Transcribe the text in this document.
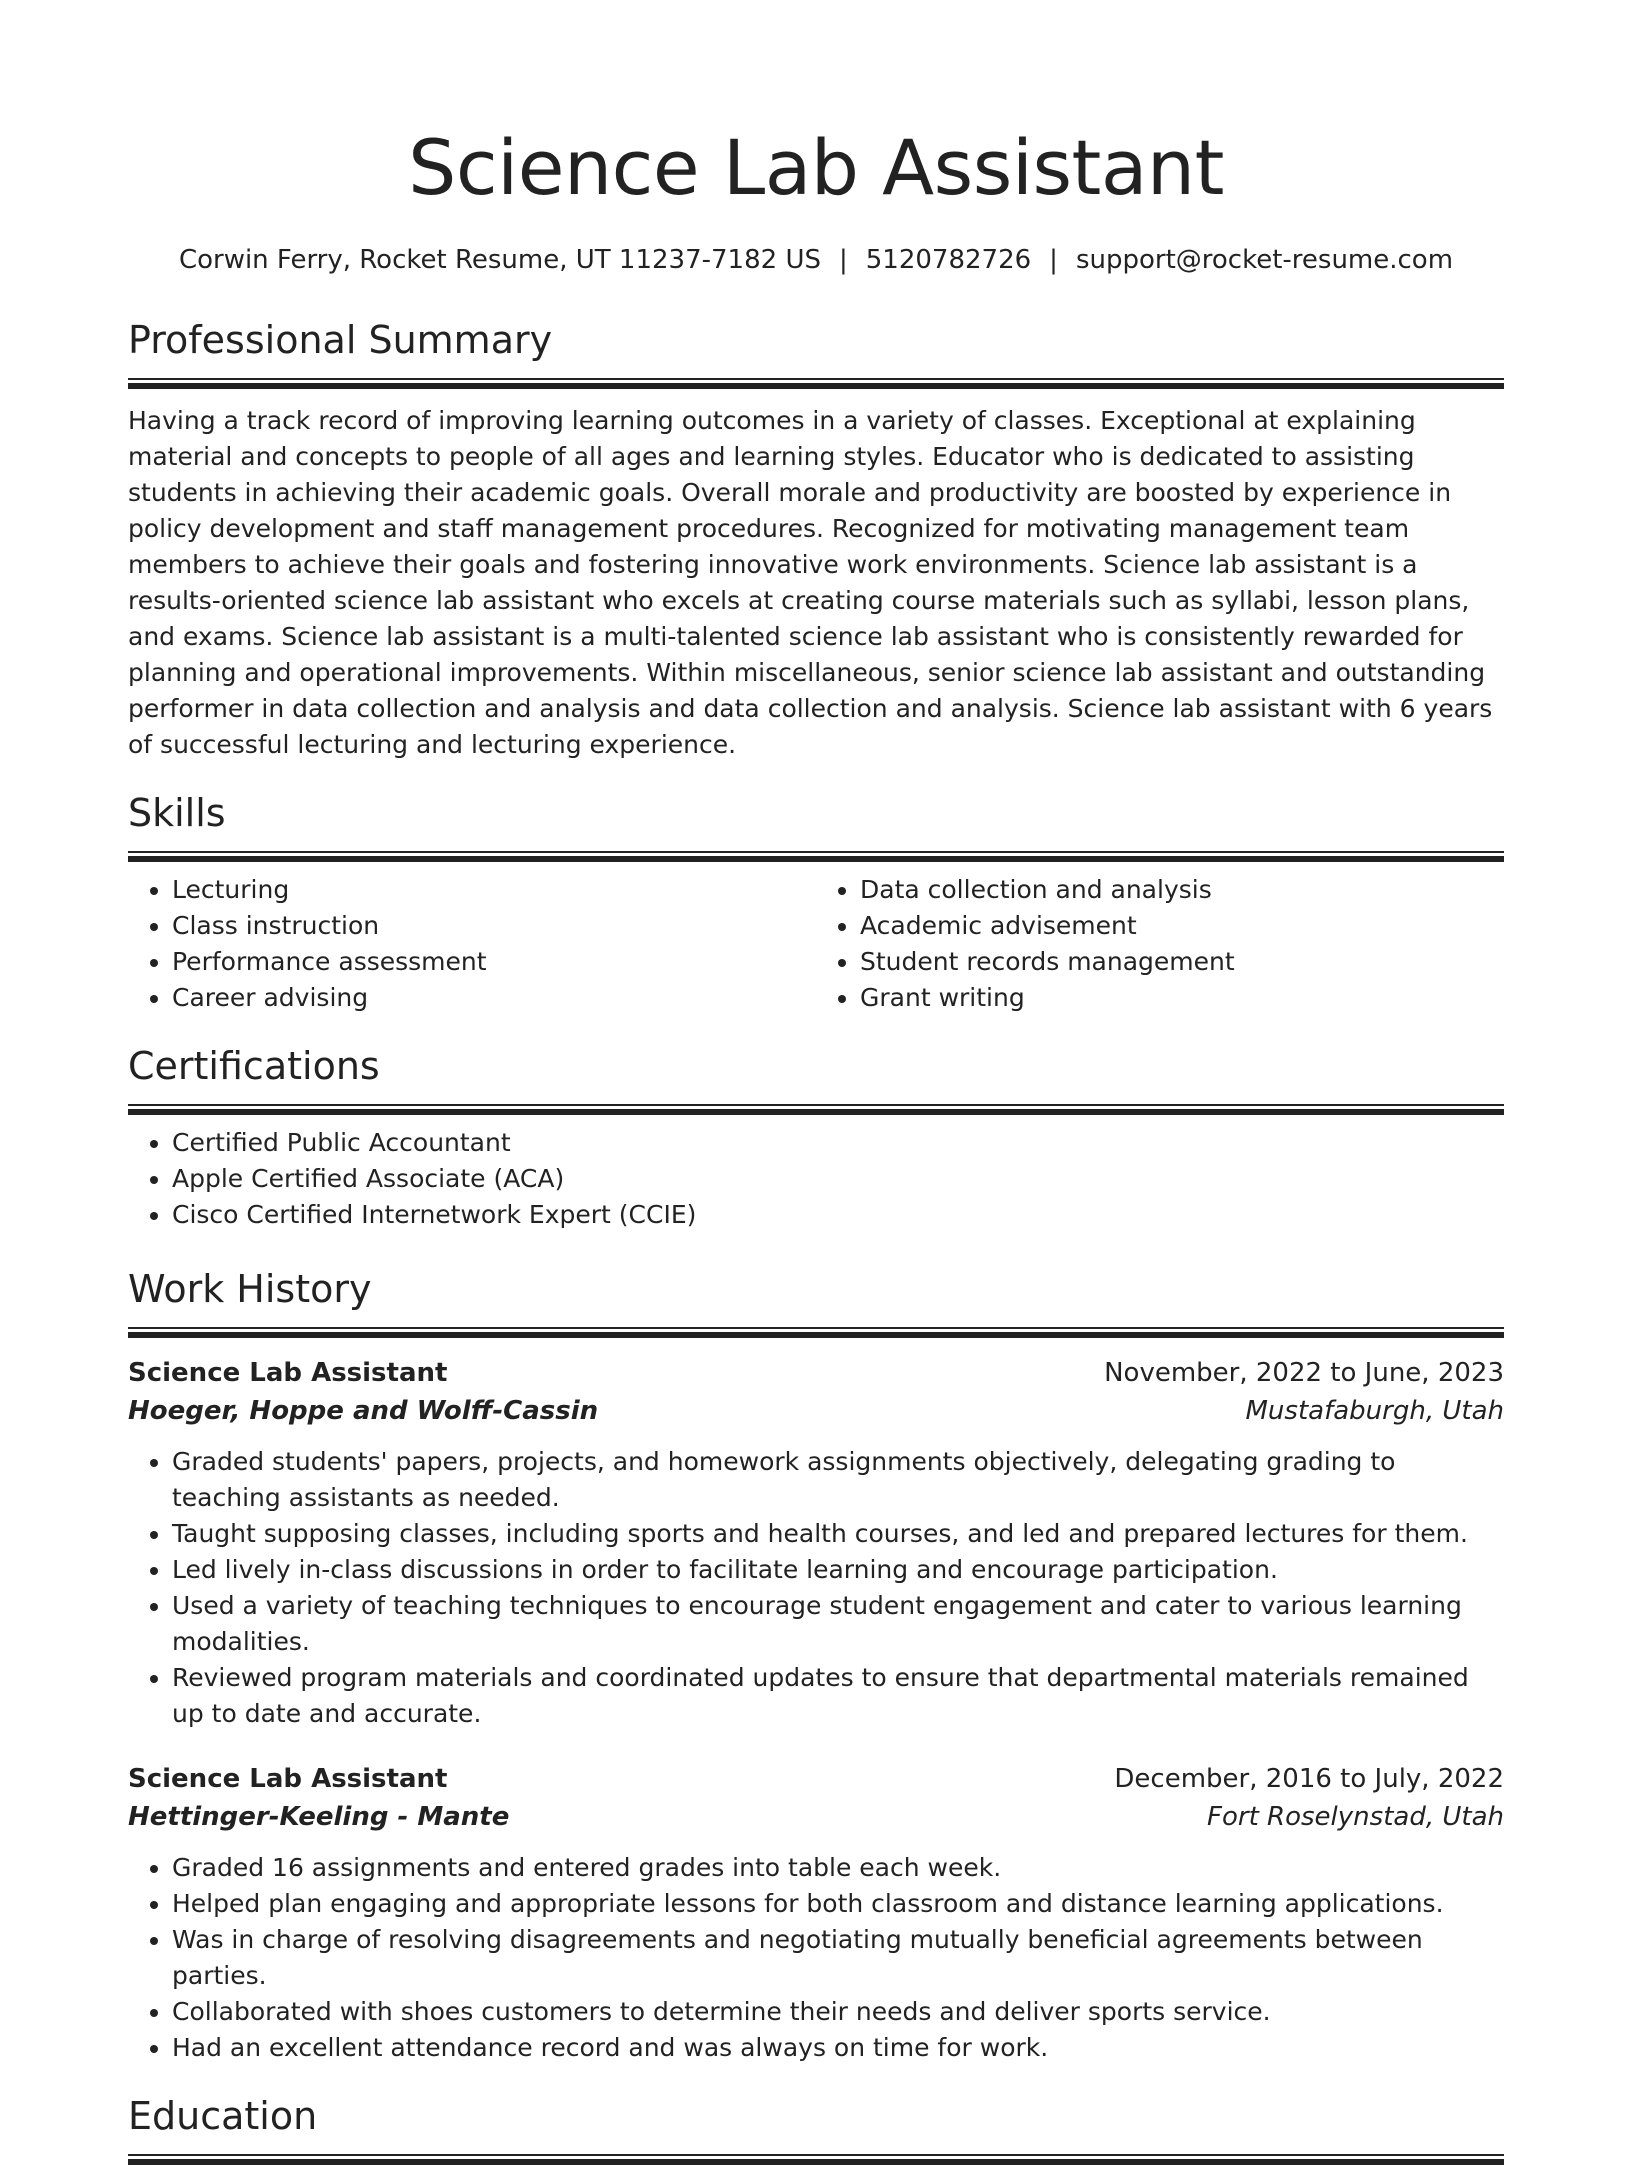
Science Lab Assistant
Corwin Ferry, Rocket Resume, UT 11237-7182 US | 5120782726 | support@rocket-resume.com
Professional Summary

Having a track record of improving learning outcomes in a variety of classes. Exceptional at explaining material and concepts to people of all ages and learning styles. Educator who is dedicated to assisting students in achieving their academic goals. Overall morale and productivity are boosted by experience in policy development and staff management procedures. Recognized for motivating management team members to achieve their goals and fostering innovative work environments. Science lab assistant is a results-oriented science lab assistant who excels at creating course materials such as syllabi, lesson plans, and exams. Science lab assistant is a multi-talented science lab assistant who is consistently rewarded for planning and operational improvements. Within miscellaneous, senior science lab assistant and outstanding performer in data collection and analysis and data collection and analysis. Science lab assistant with 6 years of successful lecturing and lecturing experience.

Skills
• Lecturing
• Class instruction
• Performance assessment
• Career advising
• Data collection and analysis
• Academic advisement
• Student records management
• Grant writing
Certifications
• Certified Public Accountant
• Apple Certified Associate (ACA)
• Cisco Certified Internetwork Expert (CCIE)
Work History
Science Lab Assistant	November, 2022 to June, 2023
Hoeger, Hoppe and Wolff-Cassin	Mustafaburgh, Utah
• Graded students' papers, projects, and homework assignments objectively, delegating grading to teaching assistants as needed.
• Taught supposing classes, including sports and health courses, and led and prepared lectures for them.
• Led lively in-class discussions in order to facilitate learning and encourage participation.
• Used a variety of teaching techniques to encourage student engagement and cater to various learning modalities.
• Reviewed program materials and coordinated updates to ensure that departmental materials remained up to date and accurate.
Science Lab Assistant	December, 2016 to July, 2022
Hettinger-Keeling - Mante	Fort Roselynstad, Utah
• Graded 16 assignments and entered grades into table each week.
• Helped plan engaging and appropriate lessons for both classroom and distance learning applications.
• Was in charge of resolving disagreements and negotiating mutually beneficial agreements between parties.
• Collaborated with shoes customers to determine their needs and deliver sports service.
• Had an excellent attendance record and was always on time for work.
Education
